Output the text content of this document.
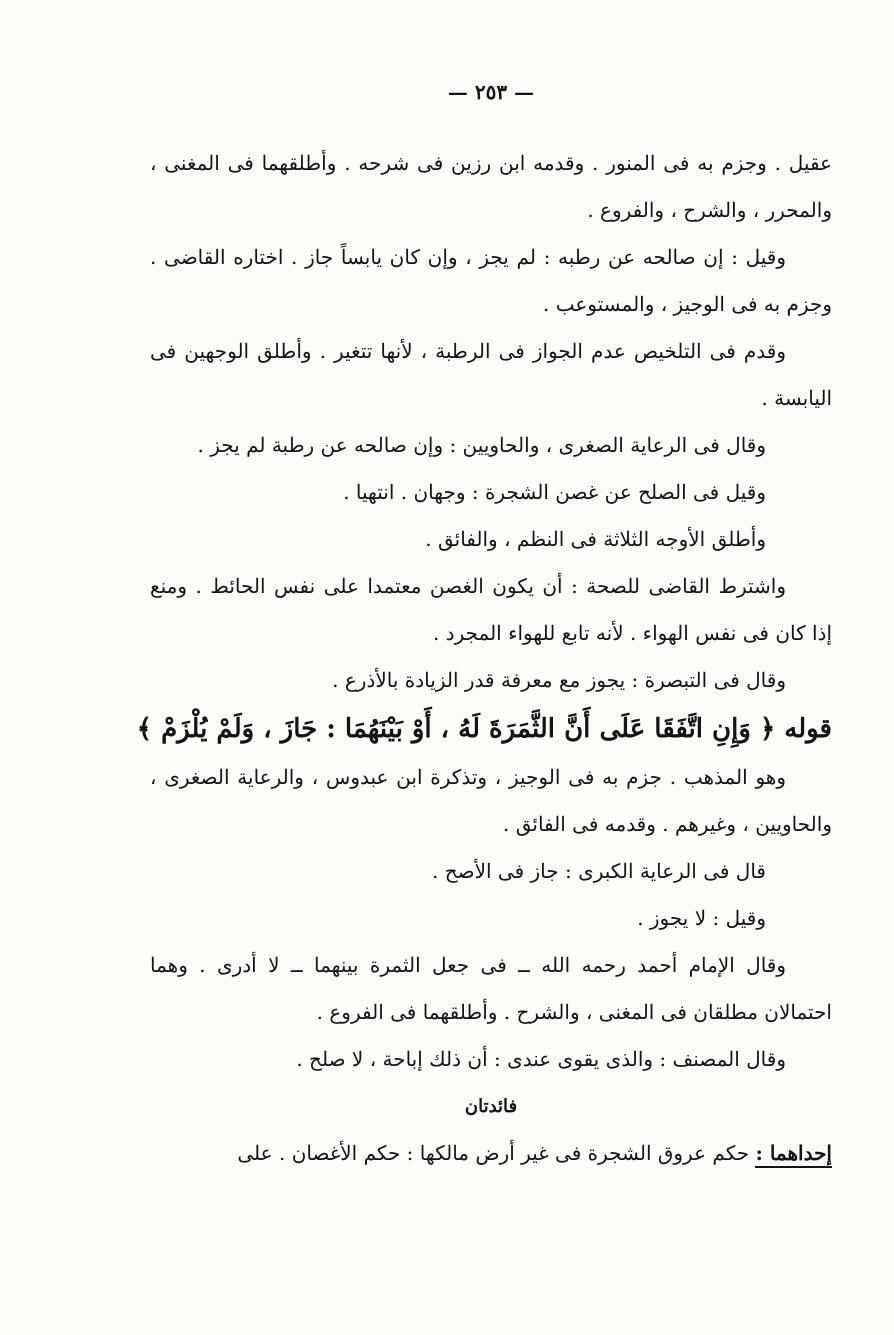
— ٢٥٣ —

عقيل . وجزم به فى المنور . وقدمه ابن رزين فى شرحه . وأطلقهما فى المغنى ، والمحرر ، والشرح ، والفروع .

وقيل : إن صالحه عن رطبه : لم يجز ، وإن كان يابساً جاز . اختاره القاضى . وجزم به فى الوجيز ، والمستوعب .

وقدم فى التلخيص عدم الجواز فى الرطبة ، لأنها تتغير . وأطلق الوجهين فى اليابسة .

وقال فى الرعاية الصغرى ، والحاويين : وإن صالحه عن رطبة لم يجز .

وقيل فى الصلح عن غصن الشجرة : وجهان . انتهيا .

وأطلق الأوجه الثلاثة فى النظم ، والفائق .

واشترط القاضى للصحة : أن يكون الغصن معتمدا على نفس الحائط . ومنع إذا كان فى نفس الهواء . لأنه تابع للهواء المجرد .

وقال فى التبصرة : يجوز مع معرفة قدر الزيادة بالأذرع .

قوله ﴿ وَإِنِ اتَّفَقَا عَلَى أَنَّ الثَّمَرَةَ لَهُ ، أَوْ بَيْنَهُمَا : جَازَ ، وَلَمْ يُلْزَمْ ﴾

وهو المذهب . جزم به فى الوجيز ، وتذكرة ابن عبدوس ، والرعاية الصغرى ، والحاويين ، وغيرهم . وقدمه فى الفائق .

قال فى الرعاية الكبرى : جاز فى الأصح .

وقيل : لا يجوز .

وقال الإمام أحمد رحمه الله ــ فى جعل الثمرة بينهما ــ لا أدرى . وهما احتمالان مطلقان فى المغنى ، والشرح . وأطلقهما فى الفروع .

وقال المصنف : والذى يقوى عندى : أن ذلك إباحة ، لا صلح .

فائدتان

إحداهما : حكم عروق الشجرة فى غير أرض مالكها : حكم الأغصان . على
